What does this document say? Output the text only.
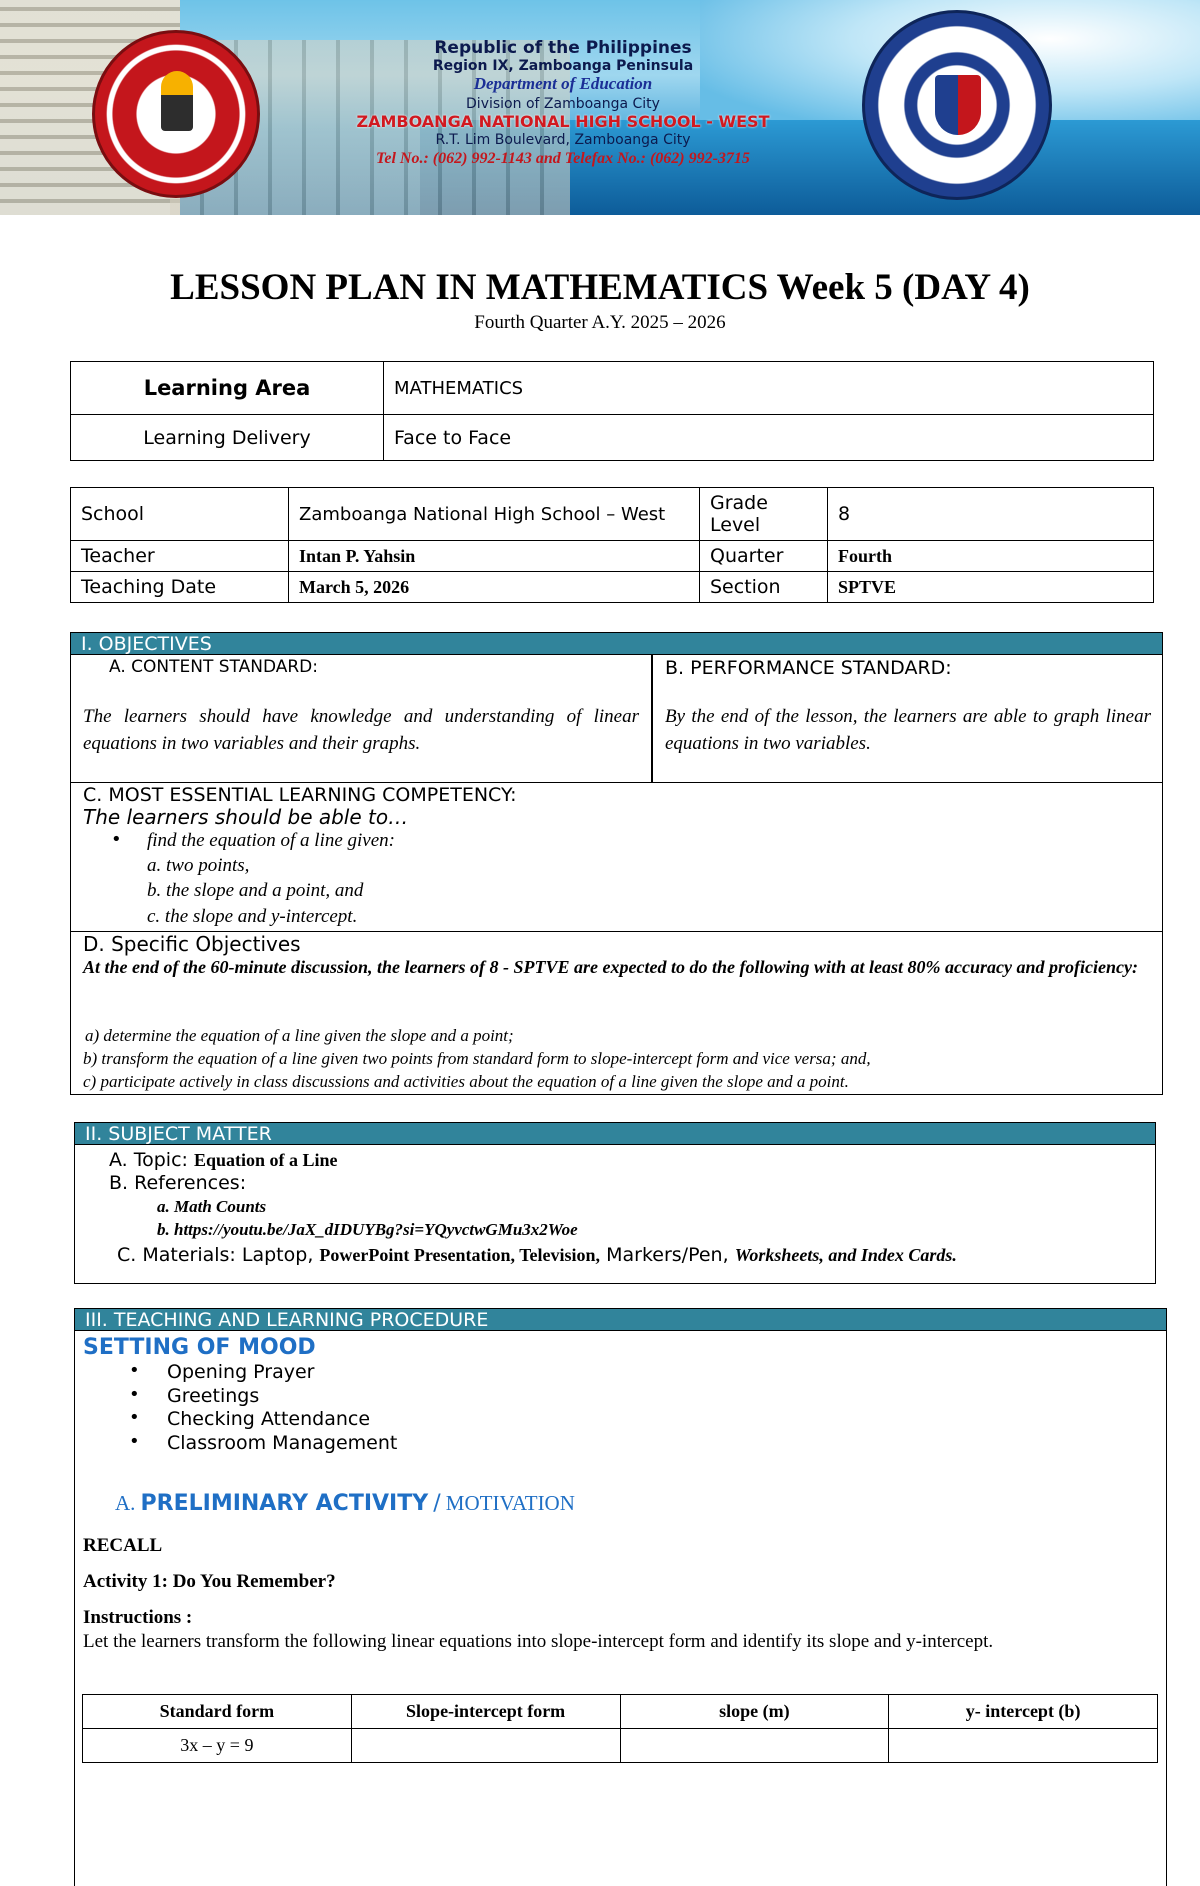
Republic of the Philippines
Region IX, Zamboanga Peninsula
Department of Education
Division of Zamboanga City
ZAMBOANGA NATIONAL HIGH SCHOOL - WEST
R.T. Lim Boulevard, Zamboanga City
Tel No.: (062) 992-1143 and Telefax No.: (062) 992-3715
LESSON PLAN IN MATHEMATICS Week 5 (DAY 4)
Fourth Quarter A.Y. 2025 – 2026
Learning Area	MATHEMATICS
Learning Delivery	Face to Face
School	Zamboanga National High School – West	Grade Level	8
Teacher	Intan P. Yahsin	Quarter	Fourth
Teaching Date	March 5, 2026	Section	SPTVE
I. OBJECTIVES
A. CONTENT STANDARD:
The learners should have knowledge and understanding of linear equations in two variables and their graphs.
B. PERFORMANCE STANDARD:
By the end of the lesson, the learners are able to graph linear equations in two variables.
C. MOST ESSENTIAL LEARNING COMPETENCY:
The learners should be able to…
• find the equation of a line given:
a. two points,
b. the slope and a point, and
c. the slope and y-intercept.
D. Specific Objectives
At the end of the 60-minute discussion, the learners of 8 - SPTVE are expected to do the following with at least 80% accuracy and proficiency:
a) determine the equation of a line given the slope and a point;
b) transform the equation of a line given two points from standard form to slope-intercept form and vice versa; and,
c) participate actively in class discussions and activities about the equation of a line given the slope and a point.
II. SUBJECT MATTER
A. Topic: Equation of a Line
B. References:
a. Math Counts
b. https://youtu.be/JaX_dIDUYBg?si=YQyvctwGMu3x2Woe
C. Materials: Laptop, PowerPoint Presentation, Television, Markers/Pen, Worksheets, and Index Cards.
III. TEACHING AND LEARNING PROCEDURE
SETTING OF MOOD
• Opening Prayer
• Greetings
• Checking Attendance
• Classroom Management
A. PRELIMINARY ACTIVITY / MOTIVATION
RECALL
Activity 1: Do You Remember?
Instructions :
Let the learners transform the following linear equations into slope-intercept form and identify its slope and y-intercept.
Standard form	Slope-intercept form	slope (m)	y- intercept (b)
3x – y = 9			
